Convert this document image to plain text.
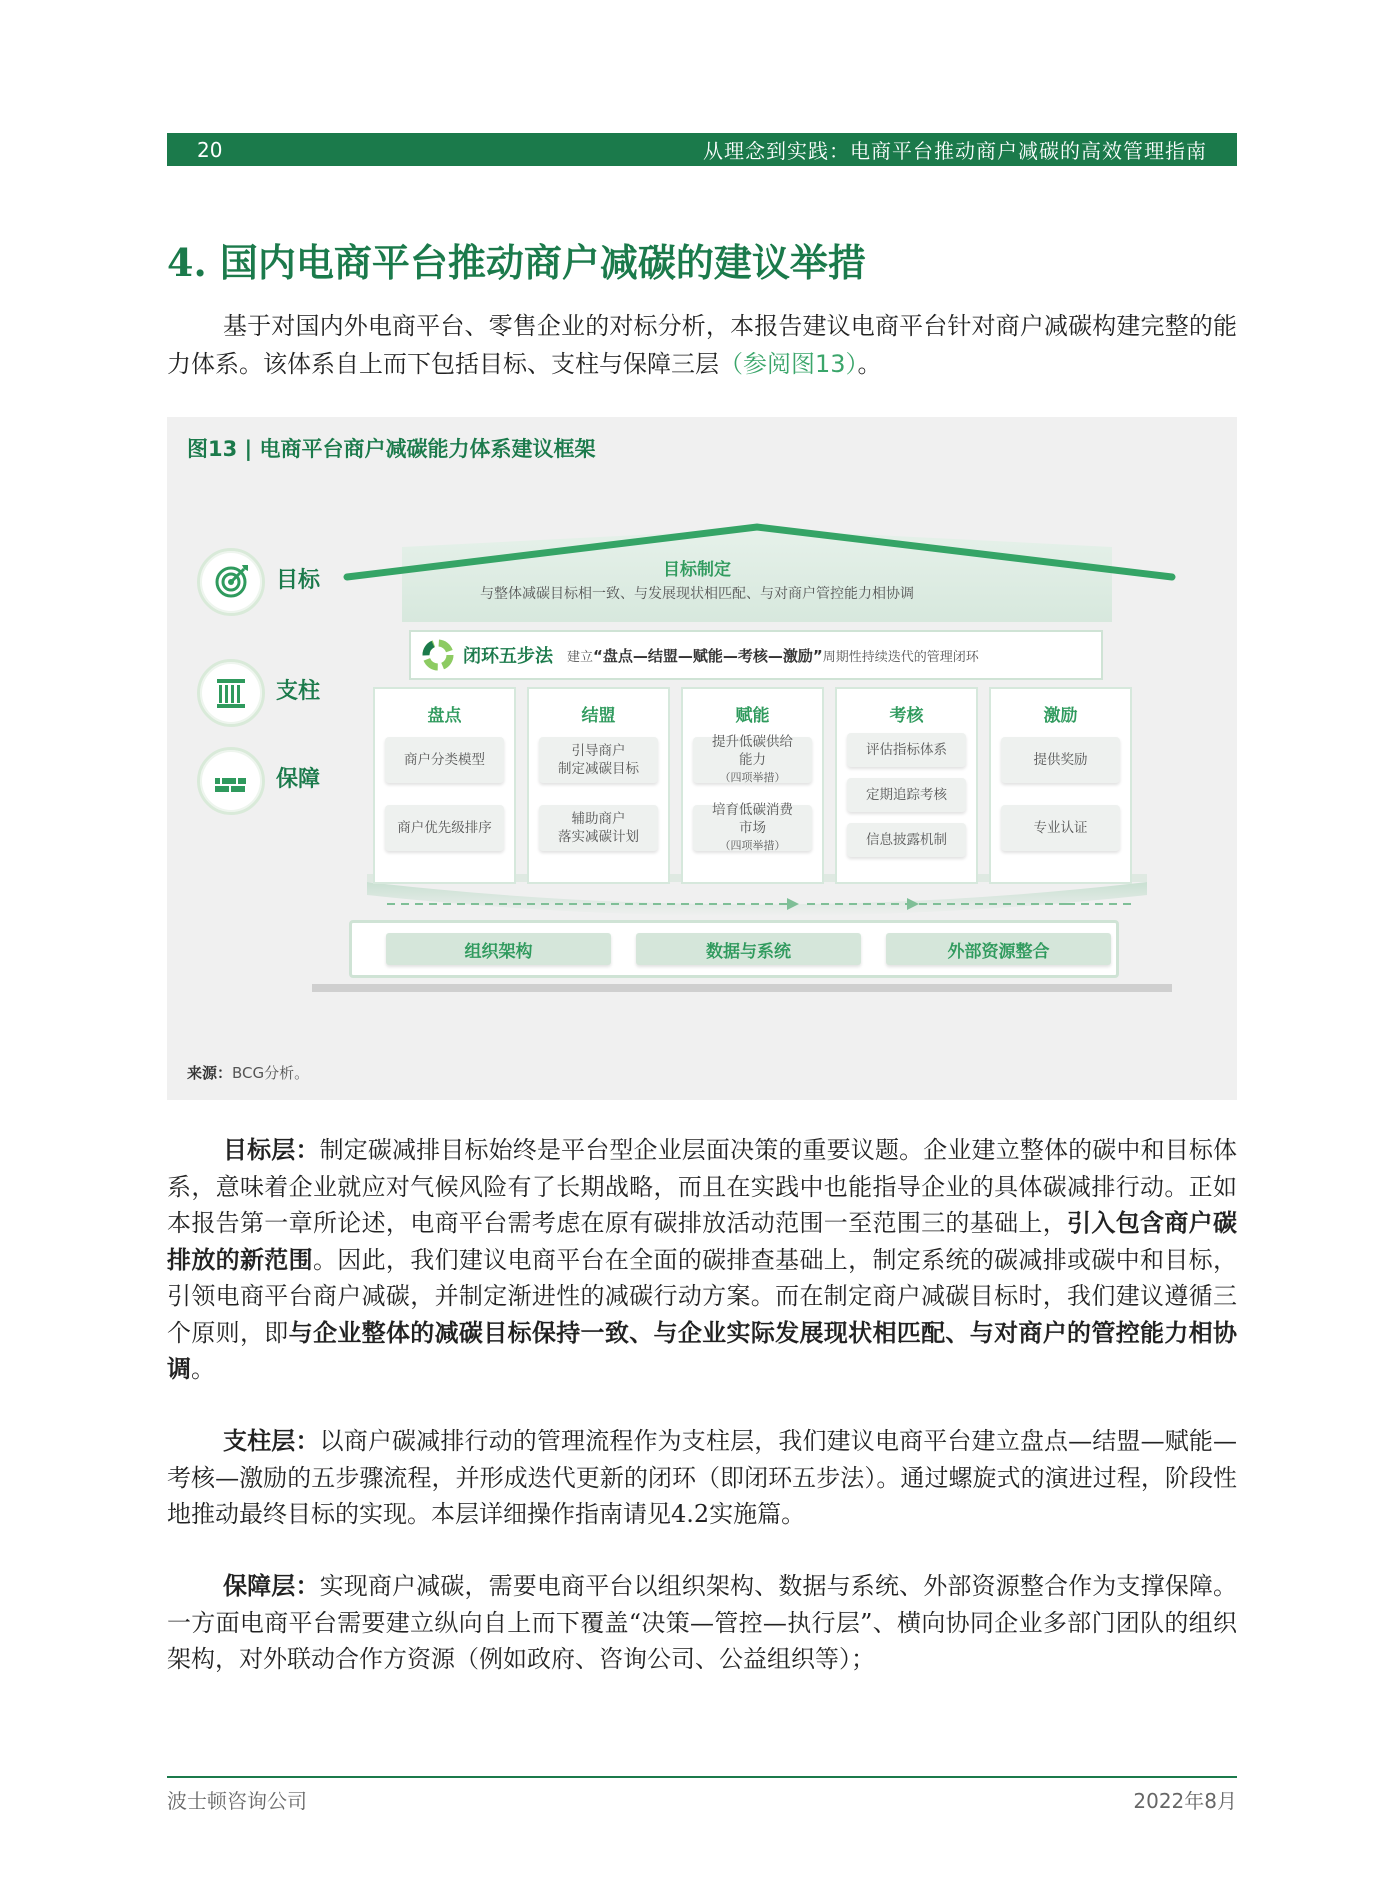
20	从理念到实践：电商平台推动商户减碳的高效管理指南
4. 国内电商平台推动商户减碳的建议举措
基于对国内外电商平台、零售企业的对标分析，本报告建议电商平台针对商户减碳构建完整的能力体系。该体系自上而下包括目标、支柱与保障三层（参阅图13）。
图13 | 电商平台商户减碳能力体系建议框架
目标
支柱
保障
目标制定
与整体减碳目标相一致、与发展现状相匹配、与对商户管控能力相协调
闭环五步法 建立“盘点—结盟—赋能—考核—激励”周期性持续迭代的管理闭环
盘点
商户分类模型
商户优先级排序
结盟
引导商户
制定减碳目标
辅助商户
落实减碳计划
赋能
提升低碳供给
能力
（四项举措）
培育低碳消费
市场
（四项举措）
考核
评估指标体系
定期追踪考核
信息披露机制
激励
提供奖励
专业认证
组织架构	数据与系统	外部资源整合
来源：BCG分析。
目标层：制定碳减排目标始终是平台型企业层面决策的重要议题。企业建立整体的碳中和目标体系，意味着企业就应对气候风险有了长期战略，而且在实践中也能指导企业的具体碳减排行动。正如本报告第一章所论述，电商平台需考虑在原有碳排放活动范围一至范围三的基础上，引入包含商户碳排放的新范围。因此，我们建议电商平台在全面的碳排查基础上，制定系统的碳减排或碳中和目标，引领电商平台商户减碳，并制定渐进性的减碳行动方案。而在制定商户减碳目标时，我们建议遵循三个原则，即与企业整体的减碳目标保持一致、与企业实际发展现状相匹配、与对商户的管控能力相协调。
支柱层：以商户碳减排行动的管理流程作为支柱层，我们建议电商平台建立盘点—结盟—赋能—考核—激励的五步骤流程，并形成迭代更新的闭环（即闭环五步法）。通过螺旋式的演进过程，阶段性地推动最终目标的实现。本层详细操作指南请见4.2实施篇。
保障层：实现商户减碳，需要电商平台以组织架构、数据与系统、外部资源整合作为支撑保障。一方面电商平台需要建立纵向自上而下覆盖“决策—管控—执行层”、横向协同企业多部门团队的组织架构，对外联动合作方资源（例如政府、咨询公司、公益组织等）；
波士顿咨询公司	2022年8月
